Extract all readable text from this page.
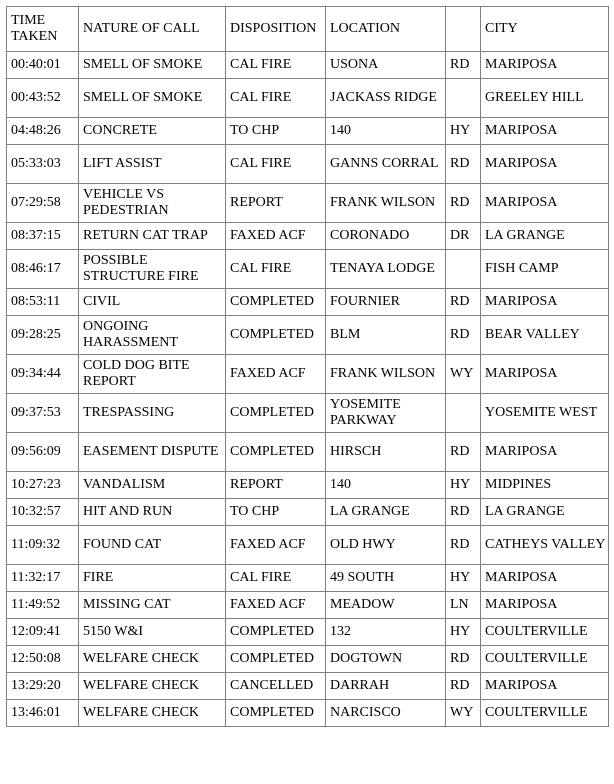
TIME TAKEN	NATURE OF CALL	DISPOSITION	LOCATION		CITY
00:40:01	SMELL OF SMOKE	CAL FIRE	USONA	RD	MARIPOSA
00:43:52	SMELL OF SMOKE	CAL FIRE	JACKASS RIDGE		GREELEY HILL
04:48:26	CONCRETE	TO CHP	140	HY	MARIPOSA
05:33:03	LIFT ASSIST	CAL FIRE	GANNS CORRAL	RD	MARIPOSA
07:29:58	VEHICLE VS PEDESTRIAN	REPORT	FRANK WILSON	RD	MARIPOSA
08:37:15	RETURN CAT TRAP	FAXED ACF	CORONADO	DR	LA GRANGE
08:46:17	POSSIBLE STRUCTURE FIRE	CAL FIRE	TENAYA LODGE		FISH CAMP
08:53:11	CIVIL	COMPLETED	FOURNIER	RD	MARIPOSA
09:28:25	ONGOING HARASSMENT	COMPLETED	BLM	RD	BEAR VALLEY
09:34:44	COLD DOG BITE REPORT	FAXED ACF	FRANK WILSON	WY	MARIPOSA
09:37:53	TRESPASSING	COMPLETED	YOSEMITE PARKWAY		YOSEMITE WEST
09:56:09	EASEMENT DISPUTE	COMPLETED	HIRSCH	RD	MARIPOSA
10:27:23	VANDALISM	REPORT	140	HY	MIDPINES
10:32:57	HIT AND RUN	TO CHP	LA GRANGE	RD	LA GRANGE
11:09:32	FOUND CAT	FAXED ACF	OLD HWY	RD	CATHEYS VALLEY
11:32:17	FIRE	CAL FIRE	49 SOUTH	HY	MARIPOSA
11:49:52	MISSING CAT	FAXED ACF	MEADOW	LN	MARIPOSA
12:09:41	5150 W&I	COMPLETED	132	HY	COULTERVILLE
12:50:08	WELFARE CHECK	COMPLETED	DOGTOWN	RD	COULTERVILLE
13:29:20	WELFARE CHECK	CANCELLED	DARRAH	RD	MARIPOSA
13:46:01	WELFARE CHECK	COMPLETED	NARCISCO	WY	COULTERVILLE
